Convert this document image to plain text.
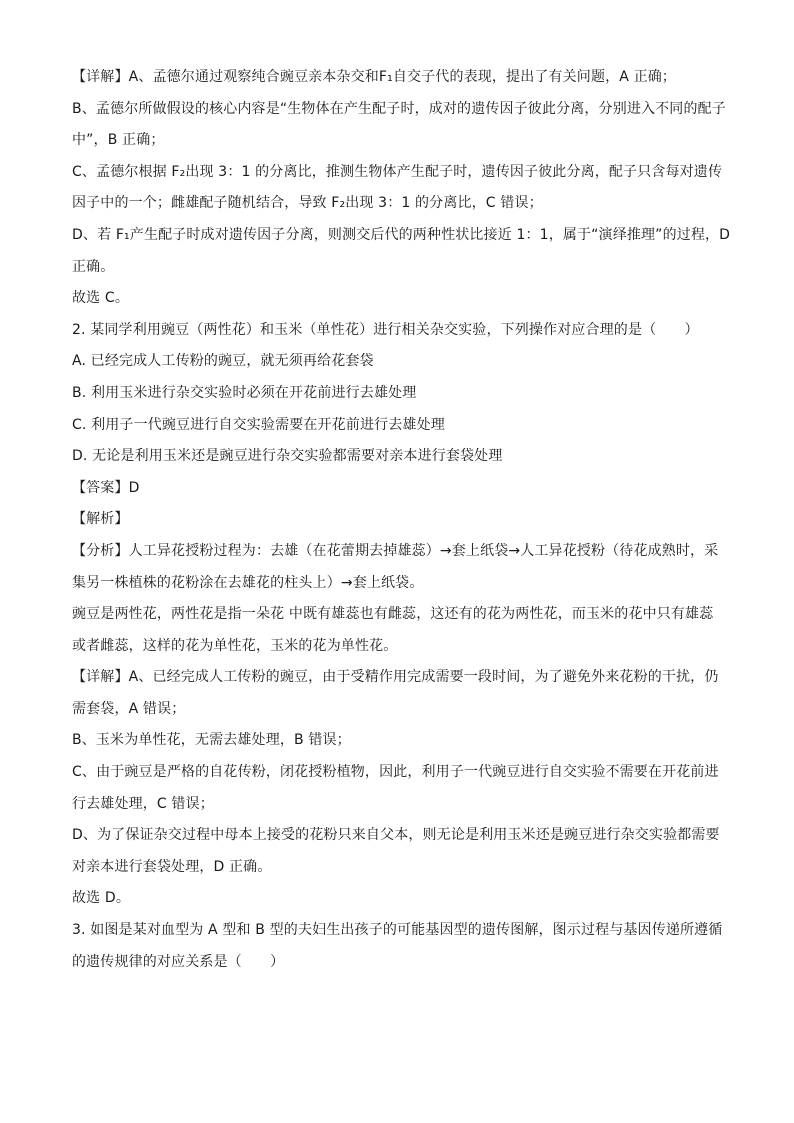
【详解】A、孟德尔通过观察纯合豌豆亲本杂交和F₁自交子代的表现，提出了有关问题，A 正确；
B、孟德尔所做假设的核心内容是“生物体在产生配子时，成对的遗传因子彼此分离，分别进入不同的配子
中”，B 正确；
C、孟德尔根据 F₂出现 3：1 的分离比，推测生物体产生配子时，遗传因子彼此分离，配子只含每对遗传
因子中的一个；雌雄配子随机结合，导致 F₂出现 3：1 的分离比，C 错误；
D、若 F₁产生配子时成对遗传因子分离，则测交后代的两种性状比接近 1：1，属于“演绎推理”的过程，D
正确。
故选 C。
2. 某同学利用豌豆（两性花）和玉米（单性花）进行相关杂交实验，下列操作对应合理的是（　　）
A. 已经完成人工传粉的豌豆，就无须再给花套袋
B. 利用玉米进行杂交实验时必须在开花前进行去雄处理
C. 利用子一代豌豆进行自交实验需要在开花前进行去雄处理
D. 无论是利用玉米还是豌豆进行杂交实验都需要对亲本进行套袋处理
【答案】D
【解析】
【分析】人工异花授粉过程为：去雄（在花蕾期去掉雄蕊）→套上纸袋→人工异花授粉（待花成熟时，采
集另一株植株的花粉涂在去雄花的柱头上）→套上纸袋。
豌豆是两性花，两性花是指一朵花 中既有雄蕊也有雌蕊，这还有的花为两性花，而玉米的花中只有雄蕊
或者雌蕊，这样的花为单性花，玉米的花为单性花。
【详解】A、已经完成人工传粉的豌豆，由于受精作用完成需要一段时间，为了避免外来花粉的干扰，仍
需套袋，A 错误；
B、玉米为单性花，无需去雄处理，B 错误；
C、由于豌豆是严格的自花传粉，闭花授粉植物，因此，利用子一代豌豆进行自交实验不需要在开花前进
行去雄处理，C 错误；
D、为了保证杂交过程中母本上接受的花粉只来自父本，则无论是利用玉米还是豌豆进行杂交实验都需要
对亲本进行套袋处理，D 正确。
故选 D。
3. 如图是某对血型为 A 型和 B 型的夫妇生出孩子的可能基因型的遗传图解，图示过程与基因传递所遵循
的遗传规律的对应关系是（　　）
